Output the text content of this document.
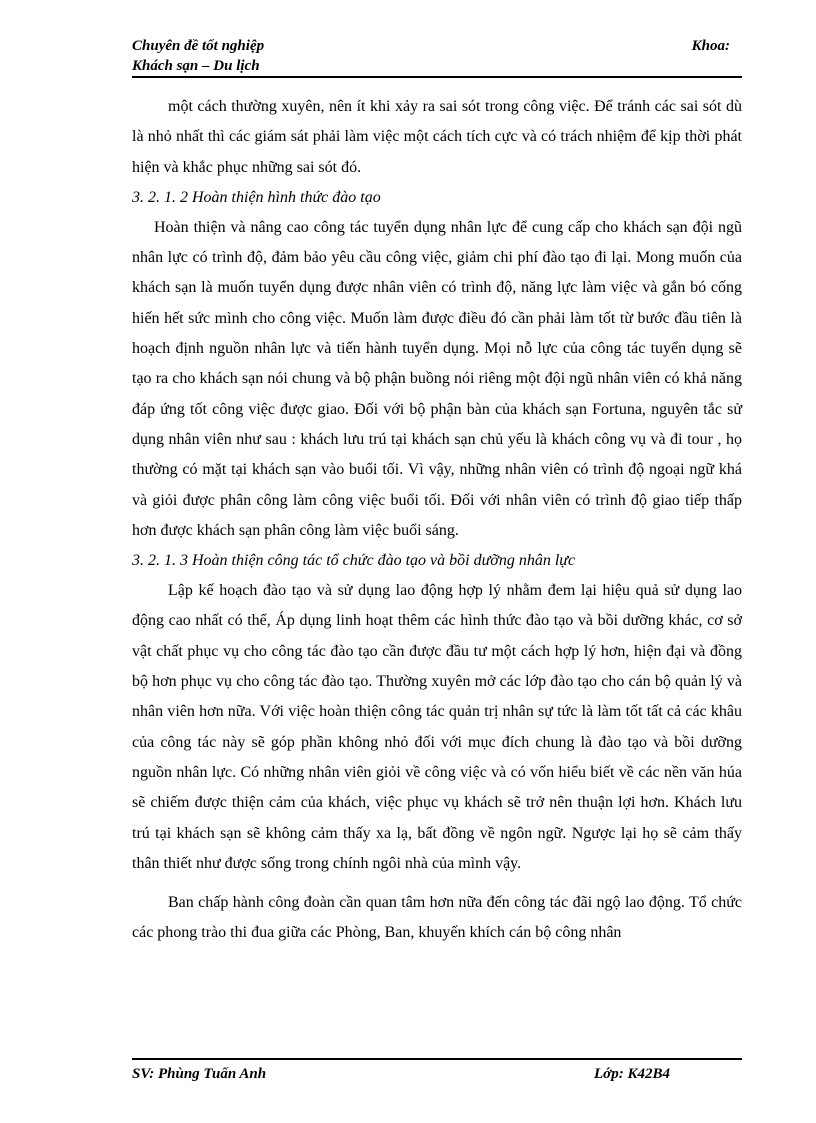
Chuyên đề tốt nghiệp
Khách sạn – Du lịch
Khoa:

một cách thường xuyên, nên ít khi xảy ra sai sót trong công việc. Để tránh các sai sót dù là nhỏ nhất thì các giám sát phải làm việc một cách tích cực và có trách nhiệm để kịp thời phát hiện và khắc phục những sai sót đó.

3. 2. 1. 2 Hoàn thiện hình thức đào tạo

Hoàn thiện và nâng cao công tác tuyển dụng nhân lực để cung cấp cho khách sạn đội ngũ nhân lực có trình độ, đảm bảo yêu cầu công việc, giảm chi phí đào tạo đi lại. Mong muốn của khách sạn là muốn tuyển dụng được nhân viên có trình độ, năng lực làm việc và gắn bó cống hiến hết sức mình cho công việc. Muốn làm được điều đó cần phải làm tốt từ bước đầu tiên là hoạch định nguồn nhân lực và tiến hành tuyển dụng. Mọi nỗ lực của công tác tuyển dụng sẽ tạo ra cho khách sạn nói chung và bộ phận buồng nói riêng một đội ngũ nhân viên có khả năng đáp ứng tốt công việc được giao. Đối với bộ phận bàn của khách sạn Fortuna, nguyên tắc sử dụng nhân viên như sau : khách lưu trú tại khách sạn chủ yếu là khách công vụ và đi tour , họ thường có mặt tại khách sạn vào buổi tối. Vì vậy, những nhân viên có trình độ ngoại ngữ khá và giỏi được phân công làm công việc buổi tối. Đối với nhân viên có trình độ giao tiếp thấp hơn được khách sạn phân công làm việc buổi sáng.

3. 2. 1. 3 Hoàn thiện công tác tổ chức đào tạo và bồi dưỡng nhân lực

Lập kế hoạch đào tạo và sử dụng lao động hợp lý nhằm đem lại hiệu quả sử dụng lao động cao nhất có thể, Áp dụng linh hoạt thêm các hình thức đào tạo và bồi dưỡng khác, cơ sở vật chất phục vụ cho công tác đào tạo cần được đầu tư một cách hợp lý hơn, hiện đại và đồng bộ hơn phục vụ cho công tác đào tạo. Thường xuyên mở các lớp đào tạo cho cán bộ quản lý và nhân viên hơn nữa. Với việc hoàn thiện công tác quản trị nhân sự tức là làm tốt tất cả các khâu của công tác này sẽ góp phần không nhỏ đối với mục đích chung là đào tạo và bồi dưỡng nguồn nhân lực. Có những nhân viên giỏi về công việc và có vốn hiểu biết về các nền văn húa sẽ chiếm được thiện cảm của khách, việc phục vụ khách sẽ trở nên thuận lợi hơn. Khách lưu trú tại khách sạn sẽ không cảm thấy xa lạ, bất đồng về ngôn ngữ. Ngược lại họ sẽ cảm thấy thân thiết như được sống trong chính ngôi nhà của mình vậy.

Ban chấp hành công đoàn cần quan tâm hơn nữa đến công tác đãi ngộ lao động. Tổ chức các phong trào thi đua giữa các Phòng, Ban, khuyến khích cán bộ công nhân

SV: Phùng Tuấn Anh	Lớp: K42B4
